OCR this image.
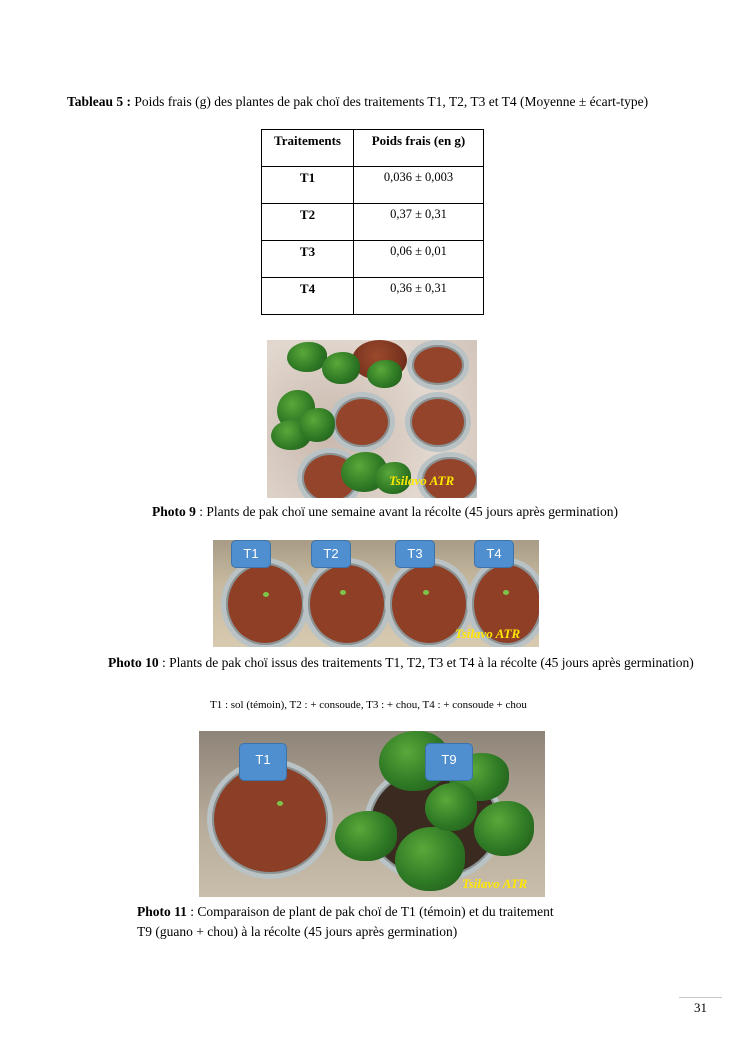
Tableau 5 : Poids frais (g) des plantes de pak choï des traitements T1, T2, T3 et T4 (Moyenne ± écart-type)
Traitements	Poids frais (en g)
T1	0,036 ± 0,003
T2	0,37 ± 0,31
T3	0,06 ± 0,01
T4	0,36 ± 0,31
Tsilavo ATR
Photo 9 : Plants de pak choï une semaine avant la récolte (45 jours après germination)
T1	T2	T3	T4
Tsilavo ATR
Photo 10 : Plants de pak choï issus des traitements T1, T2, T3 et T4 à la récolte (45 jours après germination)
T1 : sol (témoin), T2 : + consoude, T3 : + chou, T4 : + consoude + chou
T1	T9
Tsilavo ATR
Photo 11 : Comparaison de plant de pak choï de T1 (témoin) et du traitement
T9 (guano + chou) à la récolte (45 jours après germination)
31
